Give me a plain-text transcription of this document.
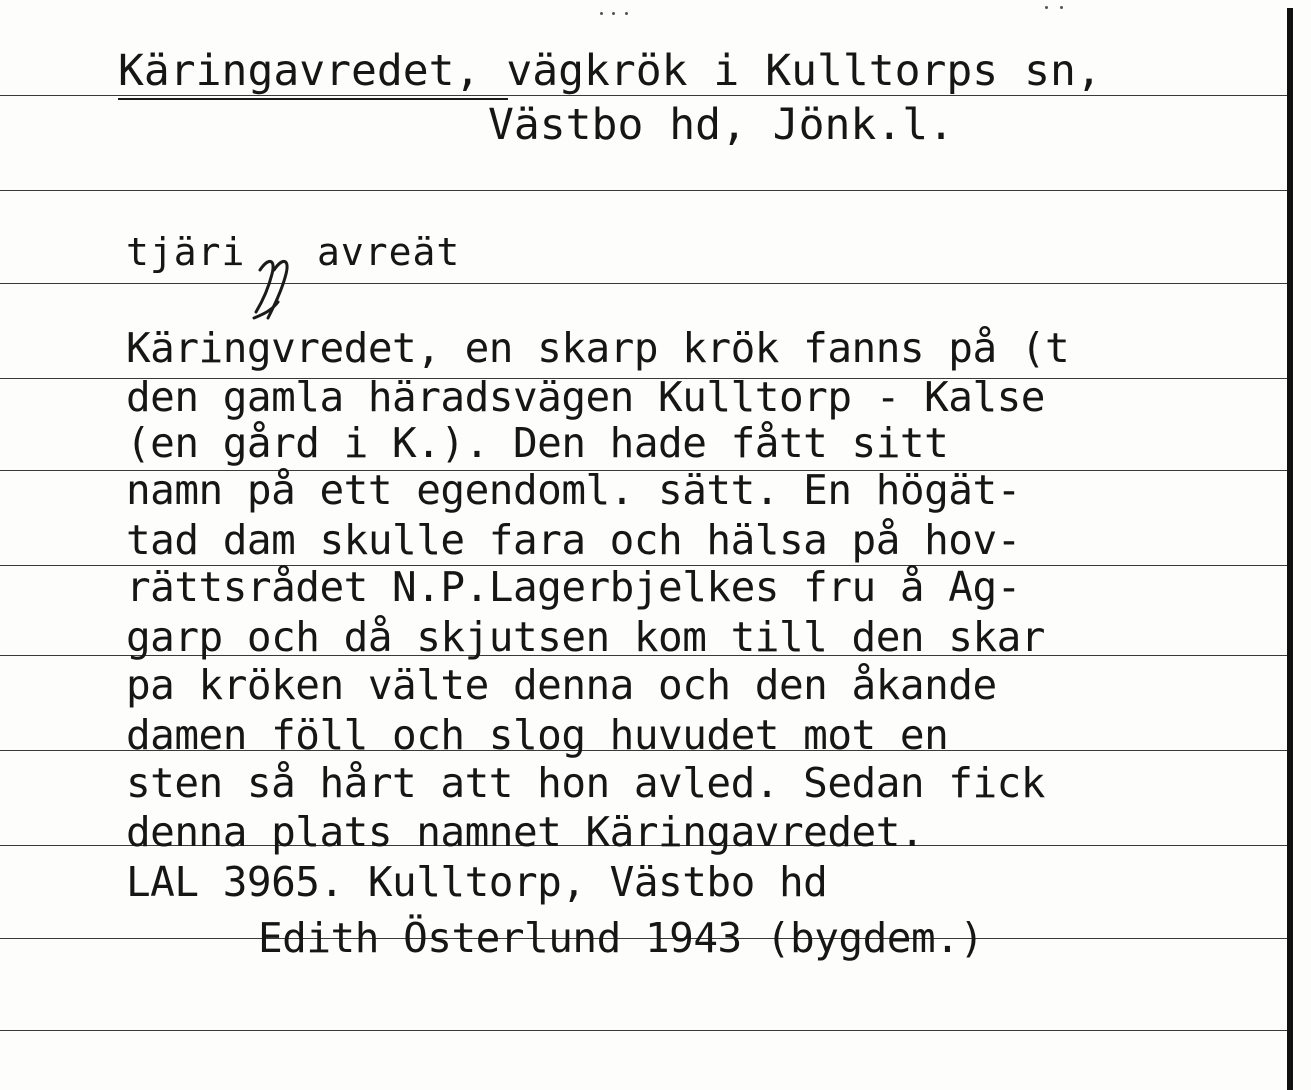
Käringavredet, vägkrök i Kulltorps sn,
Västbo hd, Jönk.l.
tjäri   avreät
Käringvredet, en skarp krök fanns på (t
den gamla häradsvägen Kulltorp - Kalse
(en gård i K.). Den hade fått sitt
namn på ett egendoml. sätt. En högät-
tad dam skulle fara och hälsa på hov-
rättsrådet N.P.Lagerbjelkes fru å Ag-
garp och då skjutsen kom till den skar
pa kröken välte denna och den åkande
damen föll och slog huvudet mot en
sten så hårt att hon avled. Sedan fick
denna plats namnet Käringavredet.
LAL 3965. Kulltorp, Västbo hd
Edith Österlund 1943 (bygdem.)
